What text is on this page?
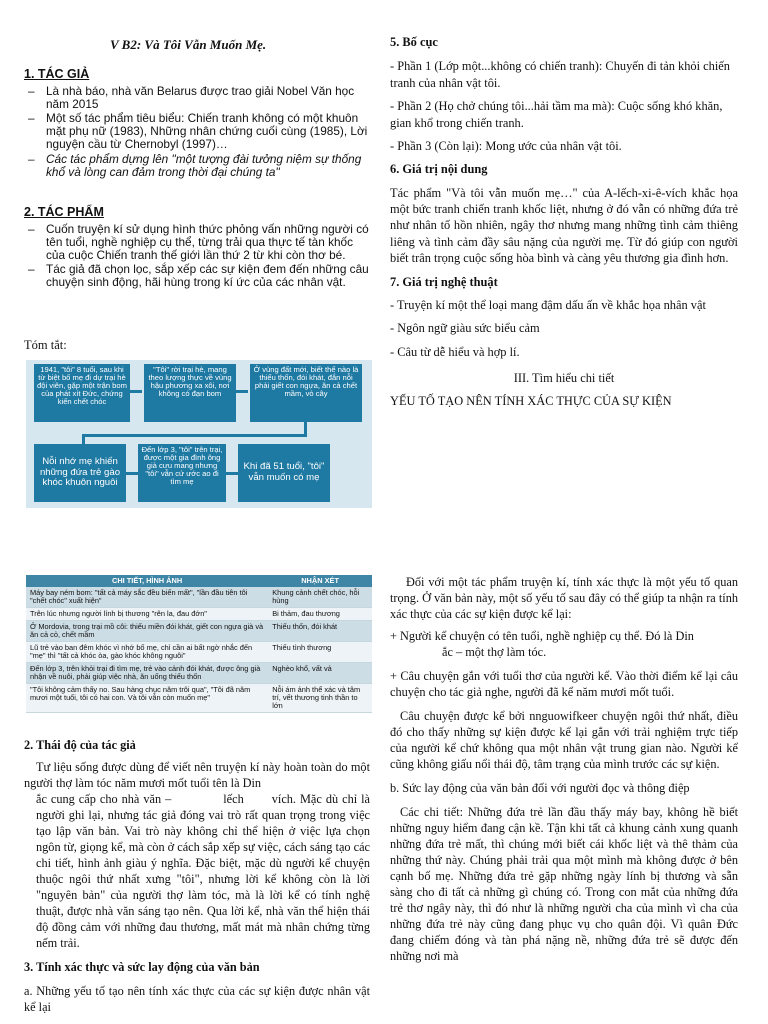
V B2: Và Tôi Vẫn Muốn Mẹ.
1. TÁC GIẢ
– Là nhà báo, nhà văn Belarus được trao giải Nobel Văn học năm 2015
– Một số tác phẩm tiêu biểu: Chiến tranh không có một khuôn mặt phụ nữ (1983), Những nhân chứng cuối cùng (1985), Lời nguyện cầu từ Chernobyl (1997)…
– Các tác phẩm dựng lên "một tượng đài tưởng niệm sự thống khổ và lòng can đảm trong thời đại chúng ta"
2. TÁC PHẨM
– Cuốn truyện kí sử dụng hình thức phỏng vấn những người có tên tuổi, nghề nghiệp cụ thể, từng trải qua thực tế tàn khốc của cuộc Chiến tranh thế giới lần thứ 2 từ khi còn thơ bé.
– Tác giả đã chọn lọc, sắp xếp các sự kiện đem đến những câu chuyện sinh động, hãi hùng trong kí ức của các nhân vật.
Tóm tắt:
1941, "tôi" 8 tuổi, sau khi từ biệt bố mẹ đi dự trại hè đội viên, gặp một trận bom của phát xít Đức, chứng kiến chết chóc
"Tôi" rời trại hè, mang theo lượng thực về vùng hậu phương xa xôi, nơi không có đạn bom
Ở vùng đất mới, biết thế nào là thiếu thốn, đói khát, đắn nỗi phải giết con ngựa, ăn cả chết mầm, vỏ cây
Nỗi nhớ mẹ khiến những đứa trẻ gào khóc khuôn nguôi
Đến lớp 3, "tôi" trên trại, được một gia đình ông già cưu mang nhưng "tôi" vẫn cứ ước ao đi tìm mẹ
Khi đã 51 tuổi, "tôi" vẫn muốn có mẹ
CHI TIẾT, HÌNH ẢNH	NHẬN XÉT
Máy bay ném bom: "tất cả máy sắc đều biến mất", "lần đầu tiên tôi "chết chóc" xuất hiện"	Khung cảnh chết chóc, hỗi hùng
Trên lúc nhưng người lính bị thương "rên la, đau đớn"	Bi thảm, đau thương
Ở Mordovia, trong trại mồ côi: thiếu miền đói khát, giết con ngựa già và ăn cả cỏ, chết mầm	Thiếu thốn, đói khát
Lũ trẻ vào ban đêm khóc vì nhớ bố mẹ, chỉ cần ai bất ngờ nhắc đến "mẹ" thì "tất cả khóc òa, gào khóc không nguôi"	Thiếu tình thương
Đến lớp 3, trên khỏi trại đi tìm mẹ, trẻ vào cảnh đói khát, được ông già nhận về nuôi, phải giúp việc nhà, ăn uống thiếu thốn	Nghèo khổ, vất vả
"Tôi không cảm thấy no. Sau hàng chục năm trôi qua", "Tôi đã năm mươi một tuổi, tôi có hai con. Và tôi vẫn còn muốn mẹ"	Nỗi ám ảnh thể xác và tâm trí, vết thương tinh thần to lớn

2. Thái độ của tác giả

Tư liệu sống được dùng để viết nên truyện kí này hoàn toàn do một người thợ làm tóc năm mươi mốt tuổi tên là Din

ắc cung cấp cho nhà văn –	lếch vích. Mặc dù chỉ là người ghi lại, nhưng tác giả đóng vai trò rất quan trọng trong việc tạo lập văn bản. Vai trò này không chỉ thể hiện ở việc lựa chọn ngôn từ, giọng kể, mà còn ở cách sắp xếp sự việc, cách sáng tạo các chi tiết, hình ảnh giàu ý nghĩa. Đặc biệt, mặc dù người kể chuyện thuộc ngôi thứ nhất xưng "tôi", nhưng lời kể không còn là lời "nguyên bản" của người thợ làm tóc, mà là lời kể có tính nghệ thuật, được nhà văn sáng tạo nên. Qua lời kể, nhà văn thể hiện thái độ đồng cảm với những đau thương, mất mát mà nhân chứng từng nếm trải.

3. Tính xác thực và sức lay động của văn bản

a. Những yếu tố tạo nên tính xác thực của các sự kiện được nhân vật kể lại

5. Bố cục

- Phần 1 (Lớp một...không có chiến tranh): Chuyến đi tản khỏi chiến tranh của nhân vật tôi.

- Phần 2 (Họ chở chúng tôi...hải tầm ma mà): Cuộc sống khó khăn, gian khổ trong chiến tranh.

- Phần 3 (Còn lại): Mong ước của nhân vật tôi.

6. Giá trị nội dung

Tác phẩm "Và tôi vẫn muốn mẹ…" của A-lếch-xi-ê-vích khắc họa một bức tranh chiến tranh khốc liệt, nhưng ở đó vẫn có những đứa trẻ như nhân tố hồn nhiên, ngây thơ nhưng mang những tình cảm thiêng liêng và tình cảm đầy sâu nặng của người mẹ. Từ đó giúp con người biết trân trọng cuộc sống hòa bình và càng yêu thương gia đình hơn.

7. Giá trị nghệ thuật

- Truyện kí một thể loại mang đậm dấu ấn về khắc họa nhân vật

- Ngôn ngữ giàu sức biểu cảm

- Câu từ dễ hiểu và hợp lí.

III. Tìm hiểu chi tiết

YẾU TỐ TẠO NÊN TÍNH XÁC THỰC CỦA SỰ KIỆN

Đối với một tác phẩm truyện kí, tính xác thực là một yếu tố quan trọng. Ở văn bản này, một số yếu tố sau đây có thể giúp ta nhận ra tính xác thực của các sự kiện được kể lại:

+ Người kể chuyện có tên tuổi, nghề nghiệp cụ thể. Đó là Din

ắc – một thợ làm tóc.

+ Câu chuyện gắn với tuổi thơ của người kể. Vào thời điểm kể lại câu chuyện cho tác giả nghe, người đã kể năm mươi mốt tuổi.

Câu chuyện được kể bởi nnguowifkeer chuyện ngôi thứ nhất, điều đó cho thấy những sự kiện được kể lại gắn với trải nghiệm trực tiếp của người kể chứ không qua một nhân vật trung gian nào. Người kể cũng không giấu nổi thái độ, tâm trạng của mình trước các sự kiện.

b. Sức lay động của văn bản đối với người đọc và thông điệp

Các chi tiết: Những đứa trẻ lần đầu thấy máy bay, không hề biết những nguy hiểm đang cận kề. Tận khi tất cả khung cảnh xung quanh những đứa trẻ mất, thì chúng mới biết cái khốc liệt và thê thảm của những thứ này. Chúng phải trải qua một mình mà không được ở bên cạnh bố mẹ. Những đứa trẻ gặp những ngày lính bị thương và sẵn sàng cho đi tất cả những gì chúng có. Trong con mắt của những đứa trẻ thơ ngây này, thì đó như là những người cha của mình vì cha của những đứa trẻ này cũng đang phục vụ cho quân đội. Vì quân Đức đang chiếm đóng và tàn phá nặng nề, những đứa trẻ sẽ được đến những nơi mà
